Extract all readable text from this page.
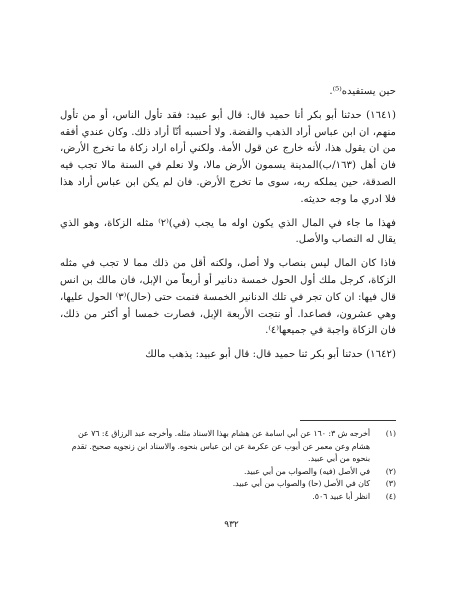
حين يستفيده⁽⁵⁾.

(١٦٤١) حدثنا أبو بكر أنا حميد قال: قال أبو عبيد: فقد تأول الناس، أو من تأول منهم، ان ابن عباس أراد الذهب والفضة. ولا أحسبه أنّا أراد ذلك. وكان عندي أفقه من ان يقول هذا، لأنه خارج عن قول الأمة. ولكني أراه اراد زكاة ما تخرج الأرض، فان أهل (١٦٣/ب)المدينة يسمون الأرض مالا، ولا نعلم في السنة مالا تجب فيه الصدقة، حين يملكه ربه، سوى ما تخرج الأرض. فان لم يكن ابن عباس أراد هذا فلا ادري ما وجه حديثه.

فهذا ما جاء في المال الذي يكون اوله ما يجب (في)⁽٢⁾ مثله الزكاة، وهو الذي يقال له النصاب والأصل.

فاذا كان المال ليس بنصاب ولا أصل، ولكنه أقل من ذلك مما لا تجب في مثله الزكاة، كرجل ملك أول الحول خمسة دنانير أو أربعاً من الإبل، فان مالك بن انس قال فيها: ان كان تجر في تلك الدنانير الخمسة فنمت حتى (حال)⁽٣⁾ الحول عليها، وهي عشرون، فصاعدا. أو نتجت الأربعة الإبل، فصارت خمسا أو أكثر من ذلك، فان الزكاة واجبة في جميعها⁽٤⁾.

(١٦٤٢) حدثنا أبو بكر ثنا حميد قال: قال أبو عبيد: يذهب مالك

(١)
أخرجه ش ٣: ١٦٠ عن أبي اسامة عن هشام بهذا الاسناد مثله. وأخرجه عبد الرزاق ٤: ٧٦ عن هشام وعن معمر عن أيوب عن عكرمة عن ابن عباس بنحوه. والاسناد ابن زنجويه صحيح. تقدم بنحوه من أبي عبيد.
(٢)
في الأصل (فيه) والصواب من أبي عبيد.
(٣)
كان في الأصل (حا) والصواب من أبي عبيد.
(٤)
انظر أبا عبيد ٥٠٦.
٩٣٢
